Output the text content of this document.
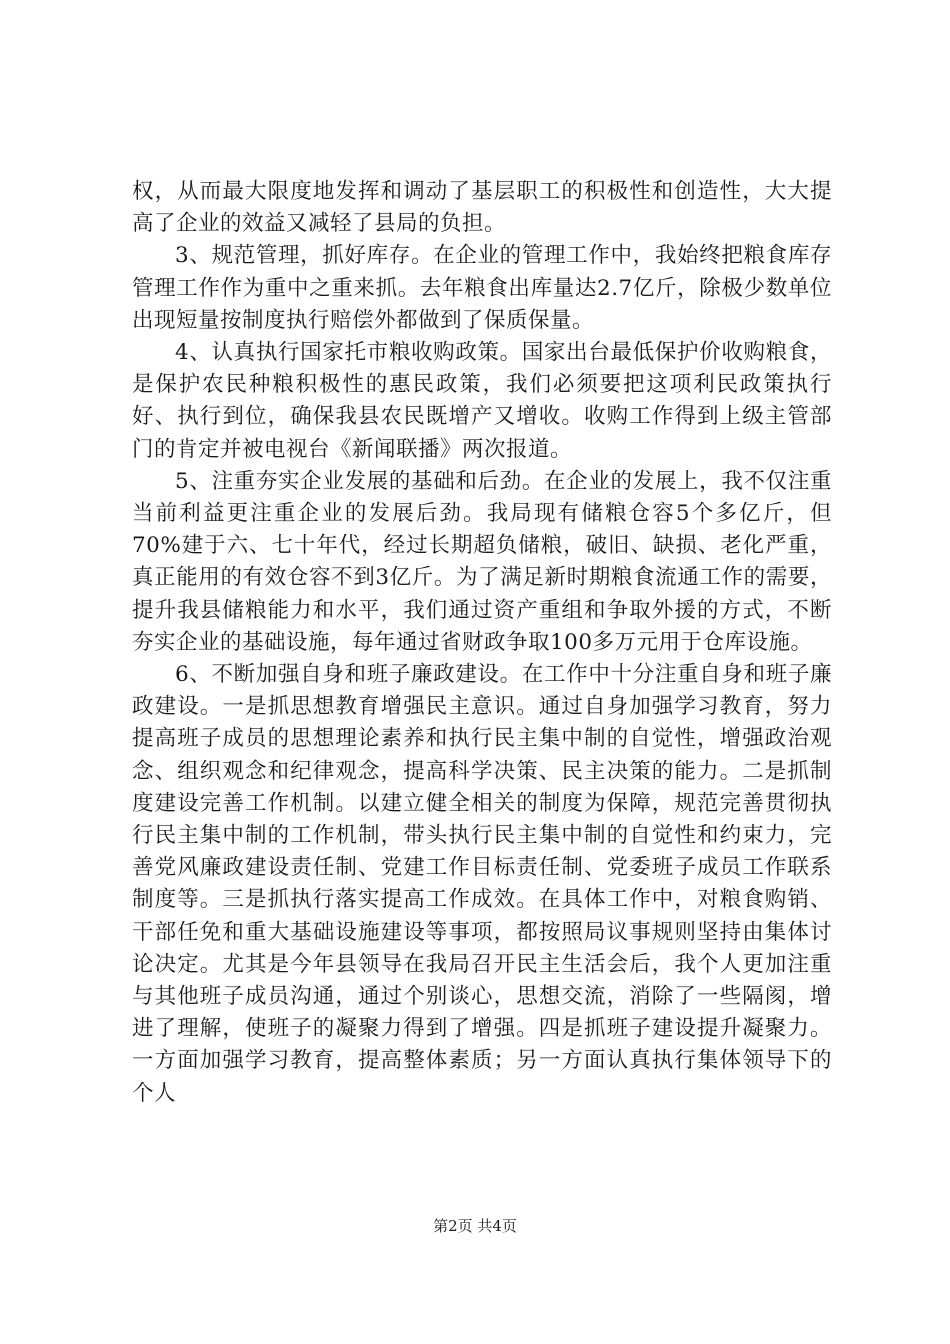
权，从而最大限度地发挥和调动了基层职工的积极性和创造性，大大提高了企业的效益又减轻了县局的负担。

3、规范管理，抓好库存。在企业的管理工作中，我始终把粮食库存管理工作作为重中之重来抓。去年粮食出库量达2.7亿斤，除极少数单位出现短量按制度执行赔偿外都做到了保质保量。

4、认真执行国家托市粮收购政策。国家出台最低保护价收购粮食，是保护农民种粮积极性的惠民政策，我们必须要把这项利民政策执行好、执行到位，确保我县农民既增产又增收。收购工作得到上级主管部门的肯定并被电视台《新闻联播》两次报道。

5、注重夯实企业发展的基础和后劲。在企业的发展上，我不仅注重当前利益更注重企业的发展后劲。我局现有储粮仓容5个多亿斤，但70%建于六、七十年代，经过长期超负储粮，破旧、缺损、老化严重，真正能用的有效仓容不到3亿斤。为了满足新时期粮食流通工作的需要，提升我县储粮能力和水平，我们通过资产重组和争取外援的方式，不断夯实企业的基础设施，每年通过省财政争取100多万元用于仓库设施。

6、不断加强自身和班子廉政建设。在工作中十分注重自身和班子廉政建设。一是抓思想教育增强民主意识。通过自身加强学习教育，努力提高班子成员的思想理论素养和执行民主集中制的自觉性，增强政治观念、组织观念和纪律观念，提高科学决策、民主决策的能力。二是抓制度建设完善工作机制。以建立健全相关的制度为保障，规范完善贯彻执行民主集中制的工作机制，带头执行民主集中制的自觉性和约束力，完善党风廉政建设责任制、党建工作目标责任制、党委班子成员工作联系制度等。三是抓执行落实提高工作成效。在具体工作中，对粮食购销、干部任免和重大基础设施建设等事项，都按照局议事规则坚持由集体讨论决定。尤其是今年县领导在我局召开民主生活会后，我个人更加注重与其他班子成员沟通，通过个别谈心，思想交流，消除了一些隔阂，增进了理解，使班子的凝聚力得到了增强。四是抓班子建设提升凝聚力。一方面加强学习教育，提高整体素质；另一方面认真执行集体领导下的个人

第2页 共4页
